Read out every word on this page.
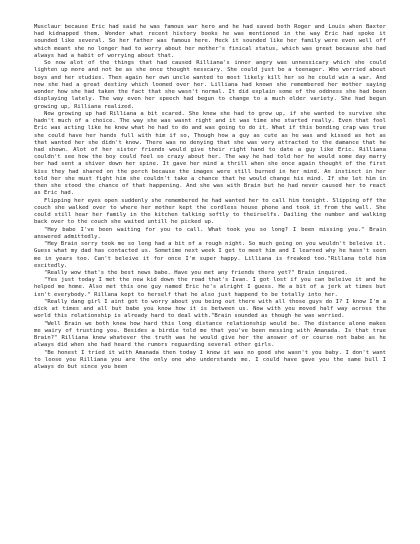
Musclaur because Eric had said he was famous war hero and he had saved both Roger and Louis when Baxter had kidnapped them. Wonder what recent history books he was mentioned in the way Eric had spoke it sounded like several. So her father was famous here. Heck it sounded like her family were even well off which meant she no longer had to worry about her mother's finical status, which was great because she had always had a habit of worrying about that.

So now alot of the things that had caused Rilliana's inner angry was unnessicary which she could lighten up more and not be as she once thought nesscary. She could just be a teenager. Who worried about boys and her studies. Then again her own uncle wanted to most likely kill her so he could win a war. And now she had a great destiny which loomed over her. Lilliana had known she remembered her mother saying wonder how she had taken the fact that she wasn't normal. It did explain some of the oddness she had been displaying lately. The way even her speech had begun to change to a much older variety. She had begun growing up, Rilliana realized.

Now growing up had Rilliana a bit scared. She knew she had to grow up, if she wanted to survive she hadn't much of a choice. The way she was wasnt right and it was time she started really. Even that fool Eric was acting like he knew what he had to do and was going to do it. What if this bonding crap was true she could have her hands full with him if so, Though how a guy as cute as he was and kissed as hot as that wanted her she didn't know. There was no denying that she was very attracted to the damance that he had shown. Alot of her sister friends would give their right hand to date a guy like Eric. Rilliana couldn't see how the boy could feel so crazy about her. The way he had told her he would some day marry her had sent a shiver down her spine. It gave her mind a thrill when she once again thought of the first kiss they had shared on the porch because the images were still burned in her mind. An instinct in her told her she must fight him she couldn't take a chance that he would change his mind. If she let him in then she stood the chance of that happening. And she was with Brain but he had never caused her to react as Eric had.

Flipping her eyes open suddenly she remembered he had wanted her to call him tonight. Slipping off the couch she walked over to where her mother kept the cordless house phone and took it from the wall. She could still hear her family in the kitchen talking softly to theirselfs. Dailing the number and walking back over to the couch she waited untill he picked up.

"Hey babe I've been waiting for you to call. What took you so long? I been missing you." Brain answered admittedly.

"Hey Brain sorry took me so long had a bit of a rough night. So much going on you wouldn't beleive it. Guess what my dad has contacted us. Sometime next week I get to meet him and I learned why he hasn't seen me in years too. Can't beleive it for once I'm super happy. Lilliana is freaked too."Rillana told him excitedly.

"Really wow that's the best news babe. Have you met any friends there yet?" Brain inquired.

"Yes just today I met the new kid down the road that's Ivan. I got lost if you can beleive it and he helped me home. Also met this one guy named Eric he's alright I guess. He a bit of a jerk at times but isn't everybody." Rillana kept to herself that he also just happend to be totally into her.

"Really dang girl I aint got to worry about you being out there with all those guys do I? I know I'm a dick at times and all but babe you know how it is between us. Now with you moved half way across the world this relationship is already hard to deal with."Brain sounded as though he was worried.

"Well Brain we both knew how hard this long distance relationship would be. The distance alone makes me wairy of trusting you. Besides a birdie told me that you've been messing with Amanada. Is that true Brain?" Rilliana knew whatever the truth was he would give her the answer of or course not babe as he always did when she had heard the rumors reguarding several other girls.

"Be honest I tried it with Amanada then today I knew it was no good she wasn't you baby. I don't want to loose you Rilliana you are the only one who understands me. I could have gave you the same bull I always do but since you been
